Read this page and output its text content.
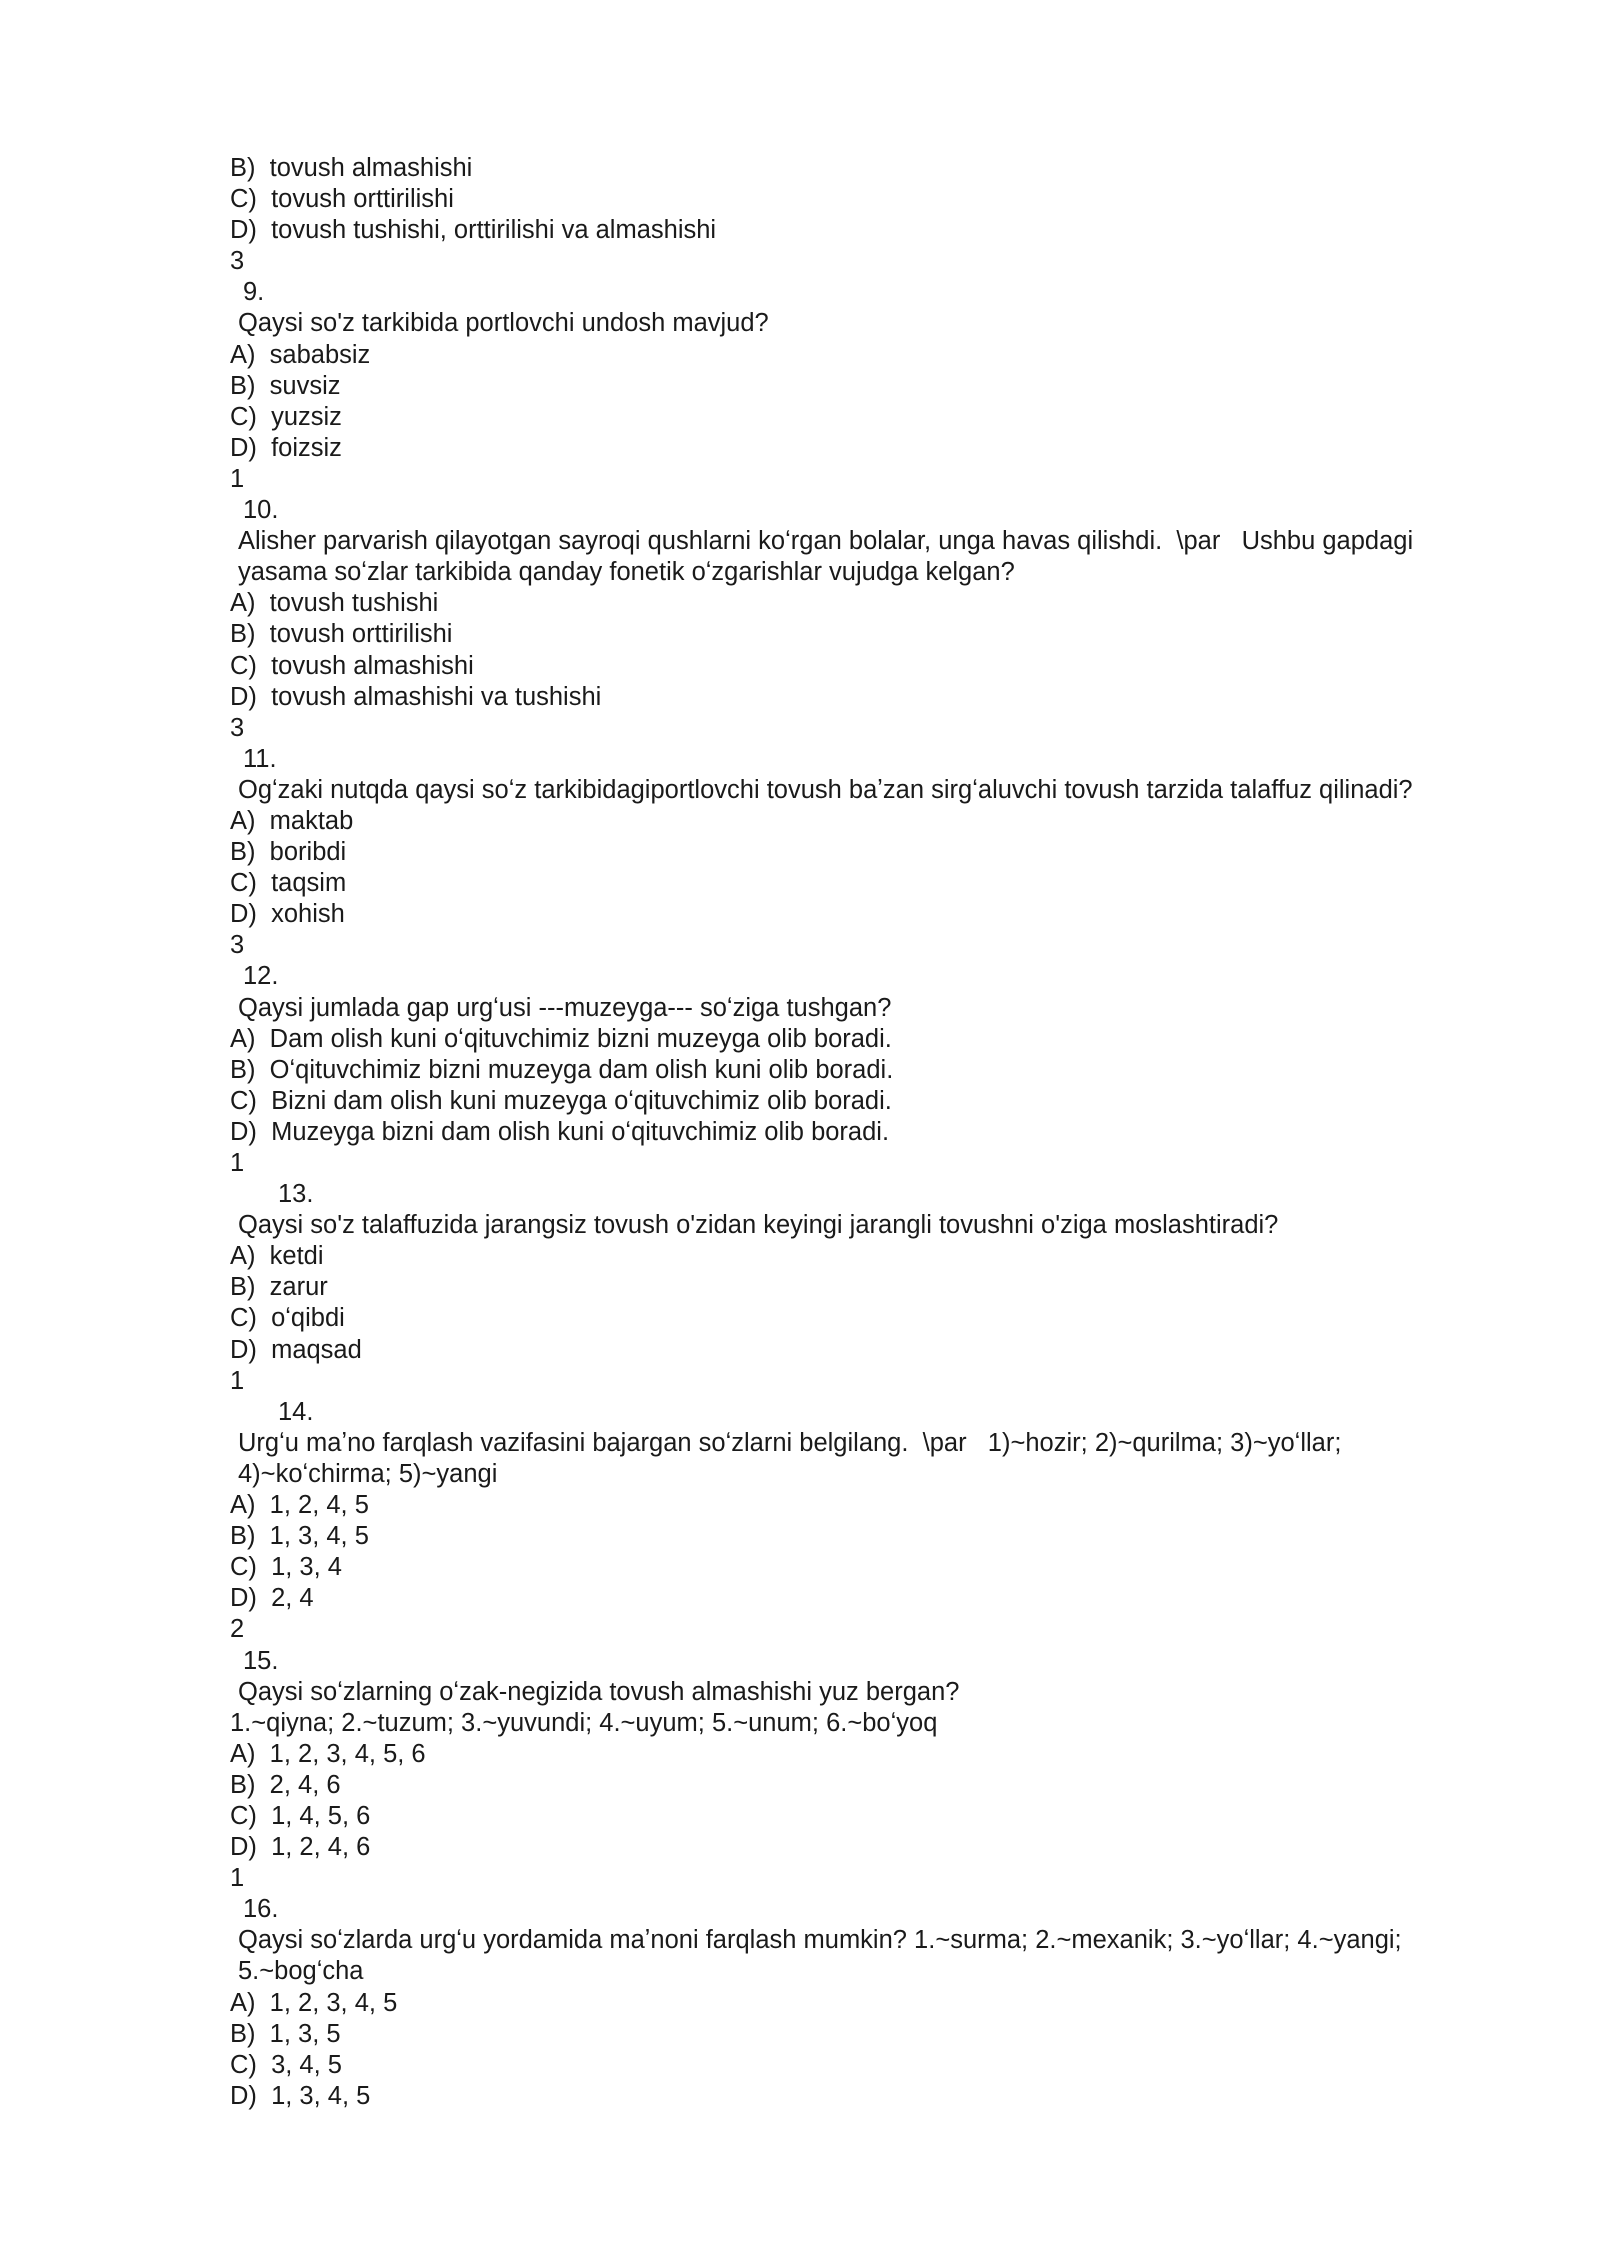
B)  tovush almashishi
C)  tovush orttirilishi
D)  tovush tushishi, orttirilishi va almashishi
3
9.
Qaysi so'z tarkibida portlovchi undosh mavjud?
A)  sababsiz
B)  suvsiz
C)  yuzsiz
D)  foizsiz
1
10.
Alisher parvarish qilayotgan sayroqi qushlarni koʻrgan bolalar, unga havas qilishdi.  \par   Ushbu gapdagi yasama soʻzlar tarkibida qanday fonetik oʻzgarishlar vujudga kelgan?
A)  tovush tushishi
B)  tovush orttirilishi
C)  tovush almashishi
D)  tovush almashishi va tushishi
3
11.
Ogʻzaki nutqda qaysi soʻz tarkibidagiportlovchi tovush baʼzan sirgʻaluvchi tovush tarzida talaffuz qilinadi?
A)  maktab
B)  boribdi
C)  taqsim
D)  xohish
3
12.
Qaysi jumlada gap urgʻusi ---muzeyga--- soʻziga tushgan?
A)  Dam olish kuni oʻqituvchimiz bizni muzeyga olib boradi.
B)  Oʻqituvchimiz bizni muzeyga dam olish kuni olib boradi.
C)  Bizni dam olish kuni muzeyga oʻqituvchimiz olib boradi.
D)  Muzeyga bizni dam olish kuni oʻqituvchimiz olib boradi.
1
13.
Qaysi so'z talaffuzida jarangsiz tovush o'zidan keyingi jarangli tovushni o'ziga moslashtiradi?
A)  ketdi
B)  zarur
C)  oʻqibdi
D)  maqsad
1
14.
Urgʻu maʼno farqlash vazifasini bajargan soʻzlarni belgilang.  \par   1)~hozir; 2)~qurilma; 3)~yoʻllar; 4)~koʻchirma; 5)~yangi
A)  1, 2, 4, 5
B)  1, 3, 4, 5
C)  1, 3, 4
D)  2, 4
2
15.
Qaysi soʻzlarning oʻzak-negizida tovush almashishi yuz bergan?
1.~qiyna; 2.~tuzum; 3.~yuvundi; 4.~uyum; 5.~unum; 6.~boʻyoq
A)  1, 2, 3, 4, 5, 6
B)  2, 4, 6
C)  1, 4, 5, 6
D)  1, 2, 4, 6
1
16.
Qaysi soʻzlarda urgʻu yordamida maʼnoni farqlash mumkin? 1.~surma; 2.~mexanik; 3.~yoʻllar; 4.~yangi; 5.~bogʻcha
A)  1, 2, 3, 4, 5
B)  1, 3, 5
C)  3, 4, 5
D)  1, 3, 4, 5
